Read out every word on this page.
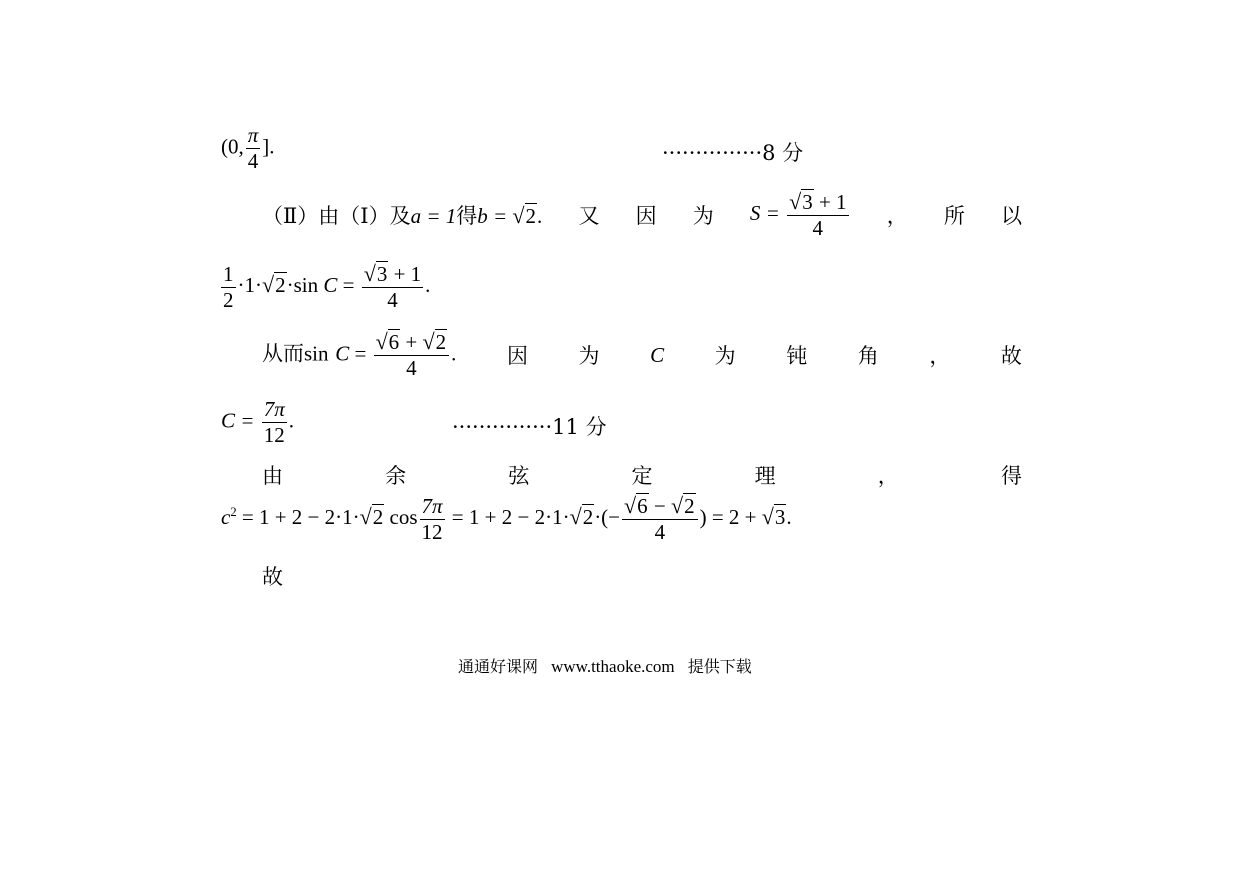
(0, $\frac{\pi}{4}$ ].	···············8 分
（Ⅱ）由（Ⅰ）及a = 1得b = √2. 又 因 为 $S = \frac{√3 + 1}{4}$ ， 所 以
$\frac{1}{2} \cdot 1\cdot√2\cdot\sin$ $C = \frac{√3 + 1}{4}$ .
从而$\sin C = \frac{√6 + √2}{4}$ . 因 为 C 为 钝 角 ， 故
$C = \frac{7\pi}{12}$ .	···············11 分
由	余	弦	定	理	，	得
$c^2 = 1 + 2 - 2\cdot 1\cdot√2$ $\cos \frac{7\pi}{12} = 1 + 2 - 2\cdot 1\cdot√2\cdot(- \frac{√6 - √2}{4}$ ) = 2 + √3.
故
通通好课网 www.tthaoke.com 提供下载
